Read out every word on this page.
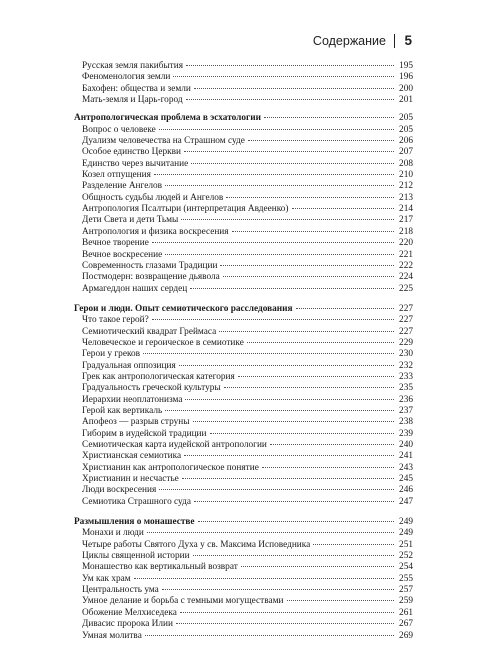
Содержание 5
Русская земля пакибытия	195
Феноменология земли	196
Бахофен: общества и земли	200
Мать-земля и Царь-город	201
Антропологическая проблема в эсхатологии	205
Вопрос о человеке	205
Дуализм человечества на Страшном суде	206
Особое единство Церкви	207
Единство через вычитание	208
Козел отпущения	210
Разделение Ангелов	212
Общность судьбы людей и Ангелов	213
Антропология Псалтыри (интерпретация Авдеенко)	214
Дети Света и дети Тьмы	217
Антропология и физика воскресения	218
Вечное творение	220
Вечное воскресение	221
Современность глазами Традиции	222
Постмодерн: возвращение дьявола	224
Армагеддон наших сердец	225
Герои и люди. Опыт семиотического расследования	227
Что такое герой?	227
Семиотический квадрат Греймаса	227
Человеческое и героическое в семиотике	229
Герои у греков	230
Градуальная оппозиция	232
Грек как антропологическая категория	233
Градуальность греческой культуры	235
Иерархии неоплатонизма	236
Герой как вертикаль	237
Апофеоз — разрыв струны	238
Гиборим в иудейской традиции	239
Семиотическая карта иудейской антропологии	240
Христианская семиотика	241
Христианин как антропологическое понятие	243
Христианин и несчастье	245
Люди воскресения	246
Семиотика Страшного суда	247
Размышления о монашестве	249
Монахи и люди	249
Четыре работы Святого Духа у св. Максима Исповедника	251
Циклы священной истории	252
Монашество как вертикальный возврат	254
Ум как храм	255
Центральность ума	257
Умное делание и борьба с темными могуществами	259
Обожение Мелхиседека	261
Дивасис пророка Илии	267
Умная молитва	269
